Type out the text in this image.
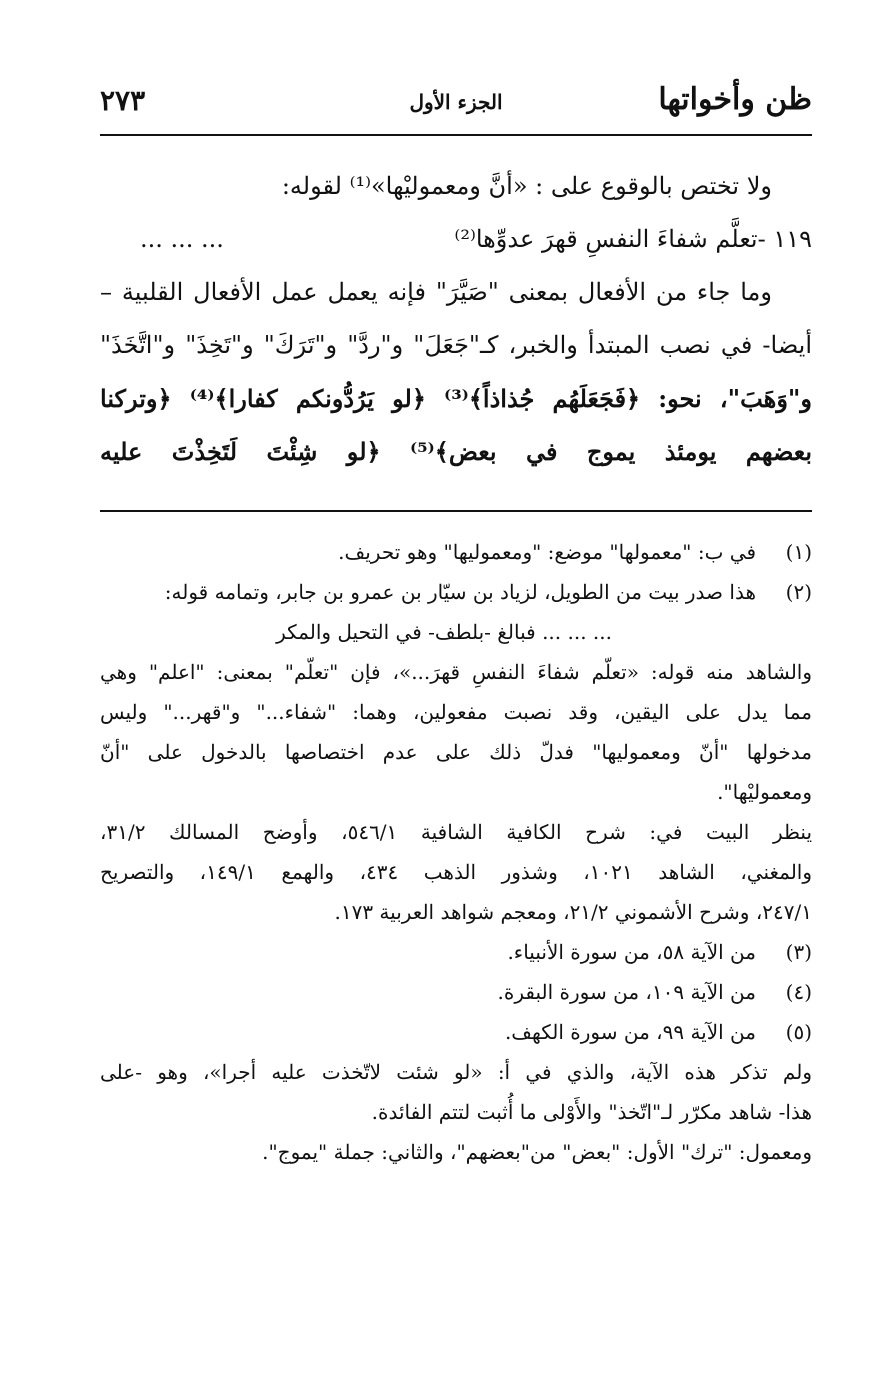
ظن وأخواتها
الجزء الأول
٢٧٣
ولا تختص بالوقوع على : «أنَّ ومعموليْها»⁽¹⁾ لقوله:
١١٩ -تعلَّم شفاءَ النفسِ قهرَ عدوِّها⁽²⁾
... ... ...
وما جاء من الأفعال بمعنى "صَيَّرَ" فإنه يعمل عمل الأفعال القلبية –
أيضا- في نصب المبتدأ والخبر، كـ"جَعَلَ" و"ردَّ" و"تَرَكَ" و"تَخِذَ" و"اتَّخَذَ"
و"وَهَبَ"، نحو: ﴿فَجَعَلَهُم جُذاذاً﴾⁽³⁾ ﴿لو يَرُدُّونكم كفارا﴾⁽⁴⁾ ﴿وتركنا
بعضهم يومئذ يموج في بعض﴾⁽⁵⁾ ﴿لو شِئْتَ لَتَخِذْتَ عليه
(١)في ب: "معمولها" موضع: "ومعموليها" وهو تحريف.
(٢)هذا صدر بيت من الطويل، لزياد بن سيّار بن عمرو بن جابر، وتمامه قوله:
... ... ... فبالغ -بلطف- في التحيل والمكر
والشاهد منه قوله: «تعلّم شفاءَ النفسِ قهرَ...»، فإن "تعلّم" بمعنى: "اعلم" وهي
مما يدل على اليقين، وقد نصبت مفعولين، وهما: "شفاء..." و"قهر..." وليس
مدخولها "أنّ ومعموليها" فدلّ ذلك على عدم اختصاصها بالدخول على "أنّ
ومعموليْها".
ينظر البيت في: شرح الكافية الشافية ٥٤٦/١، وأوضح المسالك ٣١/٢،
والمغني، الشاهد ١٠٢١، وشذور الذهب ٤٣٤، والهمع ١٤٩/١، والتصريح
٢٤٧/١، وشرح الأشموني ٢١/٢، ومعجم شواهد العربية ١٧٣.
(٣)من الآية ٥٨، من سورة الأنبياء.
(٤)من الآية ١٠٩، من سورة البقرة.
(٥)من الآية ٩٩، من سورة الكهف.
ولم تذكر هذه الآية، والذي في أ: «لو شئت لاتّخذت عليه أجرا»، وهو -على
هذا- شاهد مكرّر لـ"اتّخذ" والأَوْلى ما أُثبت لتتم الفائدة.
ومعمول: "ترك" الأول: "بعض" من"بعضهم"، والثاني: جملة "يموج".
